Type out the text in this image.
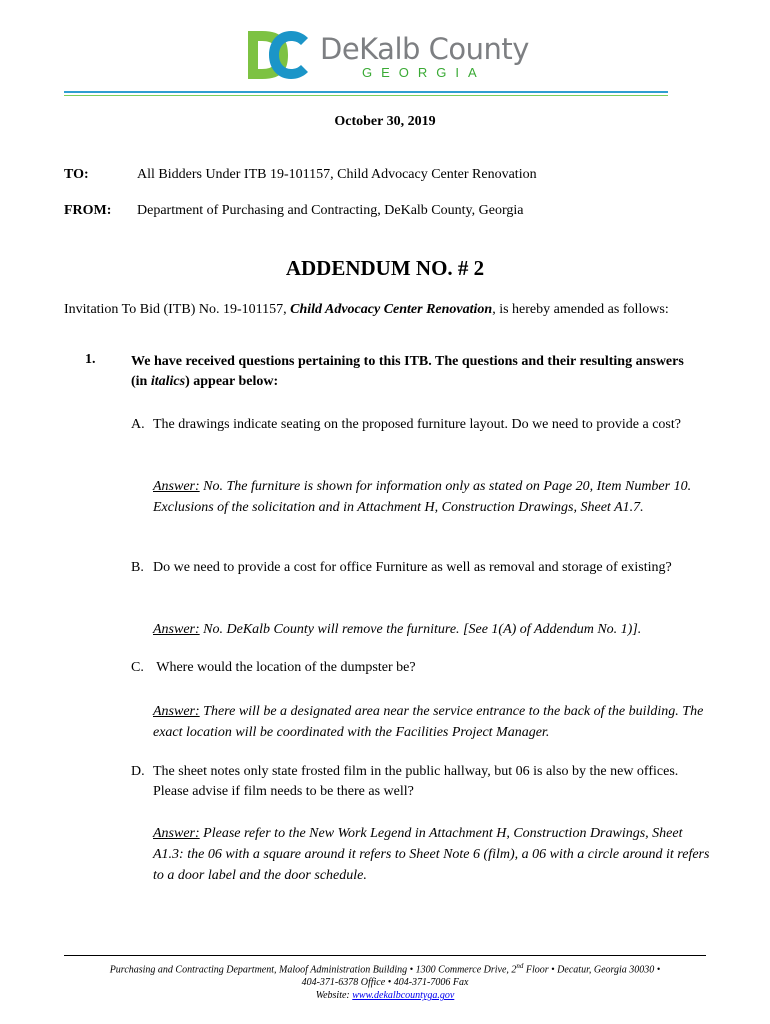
DeKalb County
GEORGIA
October 30, 2019
TO:	All Bidders Under ITB 19-101157, Child Advocacy Center Renovation
FROM: Department of Purchasing and Contracting, DeKalb County, Georgia
ADDENDUM NO. # 2
Invitation To Bid (ITB) No. 19-101157, Child Advocacy Center Renovation, is hereby amended as follows:
1.	We have received questions pertaining to this ITB. The questions and their resulting answers (in italics) appear below:
A. The drawings indicate seating on the proposed furniture layout. Do we need to provide a cost?
Answer: No. The furniture is shown for information only as stated on Page 20, Item Number 10. Exclusions of the solicitation and in Attachment H, Construction Drawings, Sheet A1.7.
B. Do we need to provide a cost for office Furniture as well as removal and storage of existing?
Answer: No. DeKalb County will remove the furniture. [See 1(A) of Addendum No. 1)].
C. Where would the location of the dumpster be?
Answer: There will be a designated area near the service entrance to the back of the building. The exact location will be coordinated with the Facilities Project Manager.
D. The sheet notes only state frosted film in the public hallway, but 06 is also by the new offices. Please advise if film needs to be there as well?
Answer: Please refer to the New Work Legend in Attachment H, Construction Drawings, Sheet A1.3: the 06 with a square around it refers to Sheet Note 6 (film), a 06 with a circle around it refers to a door label and the door schedule.
Purchasing and Contracting Department, Maloof Administration Building • 1300 Commerce Drive, 2nd Floor • Decatur, Georgia 30030 •
404-371-6378 Office • 404-371-7006 Fax
Website: www.dekalbcountyga.gov
